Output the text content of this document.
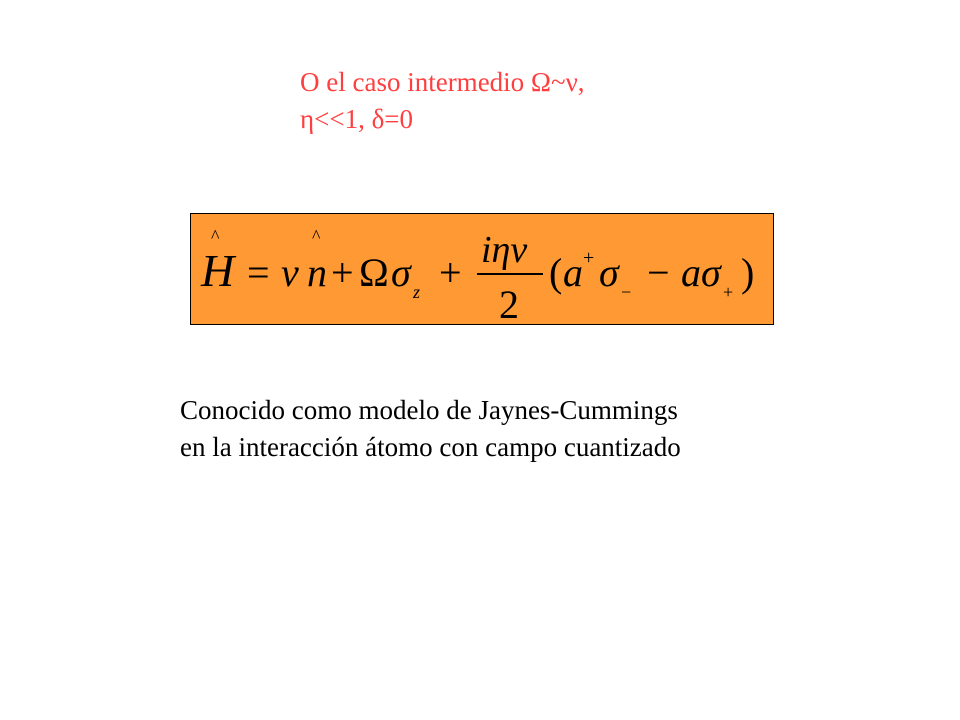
O el caso intermedio Ω~ν,
η<<1, δ=0
^	^
H = ν n + Ω σ z + iην
2
( a + σ − − a σ + )
Conocido como modelo de Jaynes-Cummings
en la interacción átomo con campo cuantizado
